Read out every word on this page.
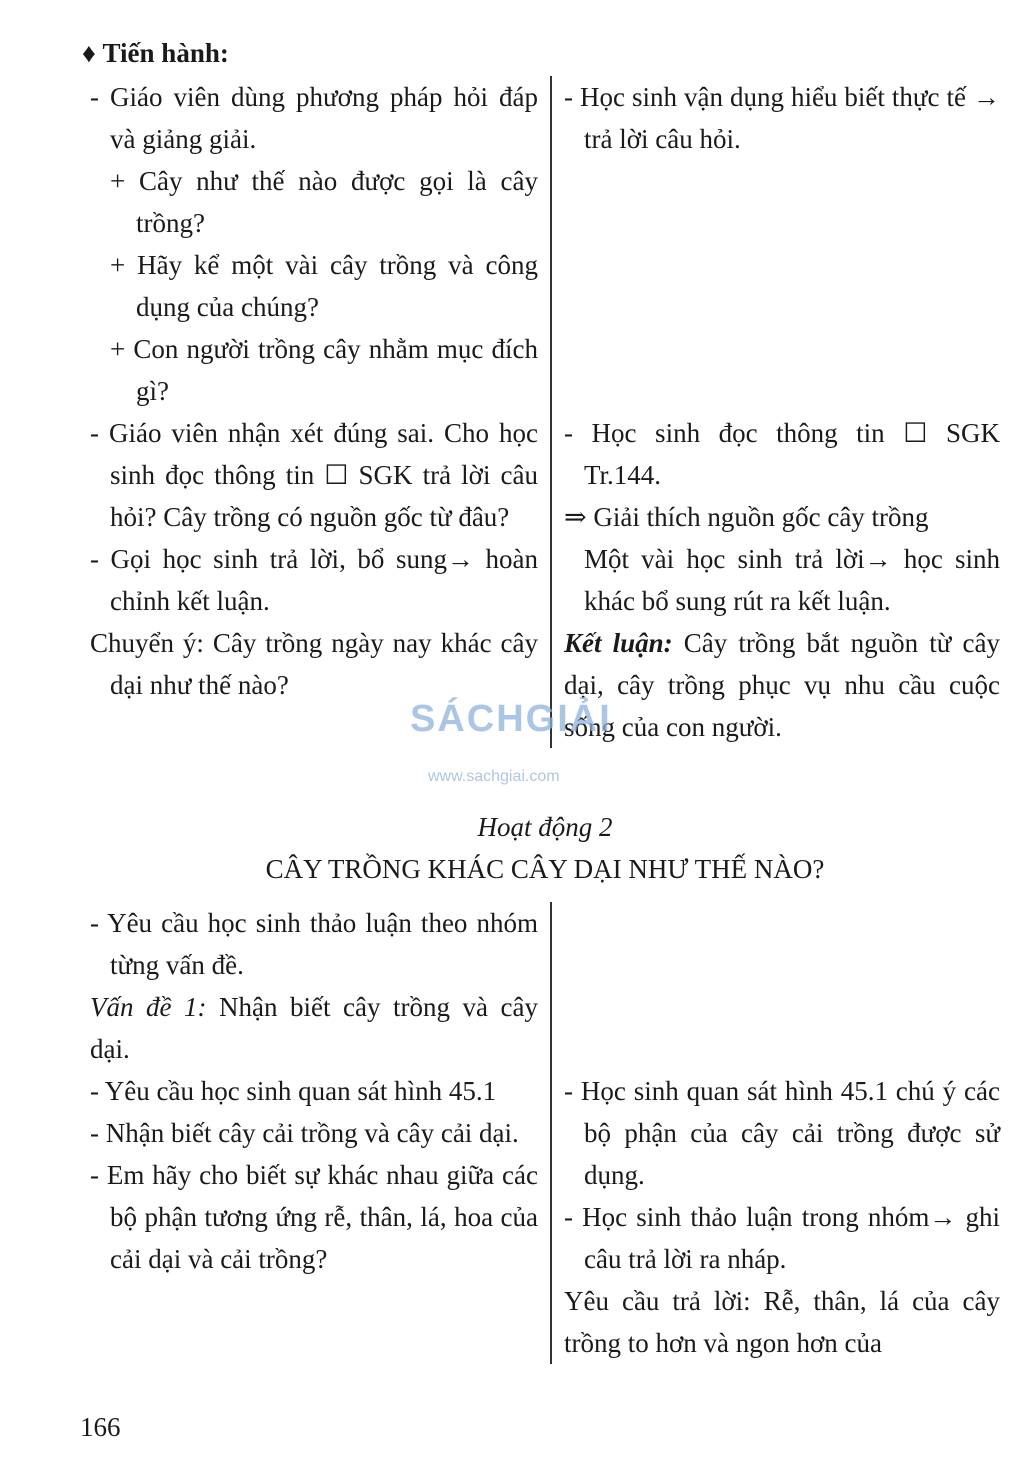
♦ Tiến hành:

- Giáo viên dùng phương pháp hỏi đáp và giảng giải.

+ Cây như thế nào được gọi là cây trồng?

+ Hãy kể một vài cây trồng và công dụng của chúng?

+ Con người trồng cây nhằm mục đích gì?

- Học sinh vận dụng hiểu biết thực tế → trả lời câu hỏi.

- Giáo viên nhận xét đúng sai. Cho học sinh đọc thông tin ☐ SGK trả lời câu hỏi? Cây trồng có nguồn gốc từ đâu?

- Gọi học sinh trả lời, bổ sung→ hoàn chỉnh kết luận.

- Học sinh đọc thông tin ☐ SGK Tr.144.

⇒ Giải thích nguồn gốc cây trồng

Một vài học sinh trả lời→ học sinh khác bổ sung rút ra kết luận.

Chuyển ý: Cây trồng ngày nay khác cây dại như thế nào?

Kết luận: Cây trồng bắt nguồn từ cây dại, cây trồng phục vụ nhu cầu cuộc sống của con người.

SÁCHGIẢI
www.sachgiai.com
Hoạt động 2
CÂY TRỒNG KHÁC CÂY DẠI NHƯ THẾ NÀO?

- Yêu cầu học sinh thảo luận theo nhóm từng vấn đề.

Vấn đề 1: Nhận biết cây trồng và cây dại.

- Yêu cầu học sinh quan sát hình 45.1

- Nhận biết cây cải trồng và cây cải dại.

- Em hãy cho biết sự khác nhau giữa các bộ phận tương ứng rễ, thân, lá, hoa của cải dại và cải trồng?

- Học sinh quan sát hình 45.1 chú ý các bộ phận của cây cải trồng được sử dụng.

- Học sinh thảo luận trong nhóm→ ghi câu trả lời ra nháp.

Yêu cầu trả lời: Rễ, thân, lá của cây trồng to hơn và ngon hơn của

166
